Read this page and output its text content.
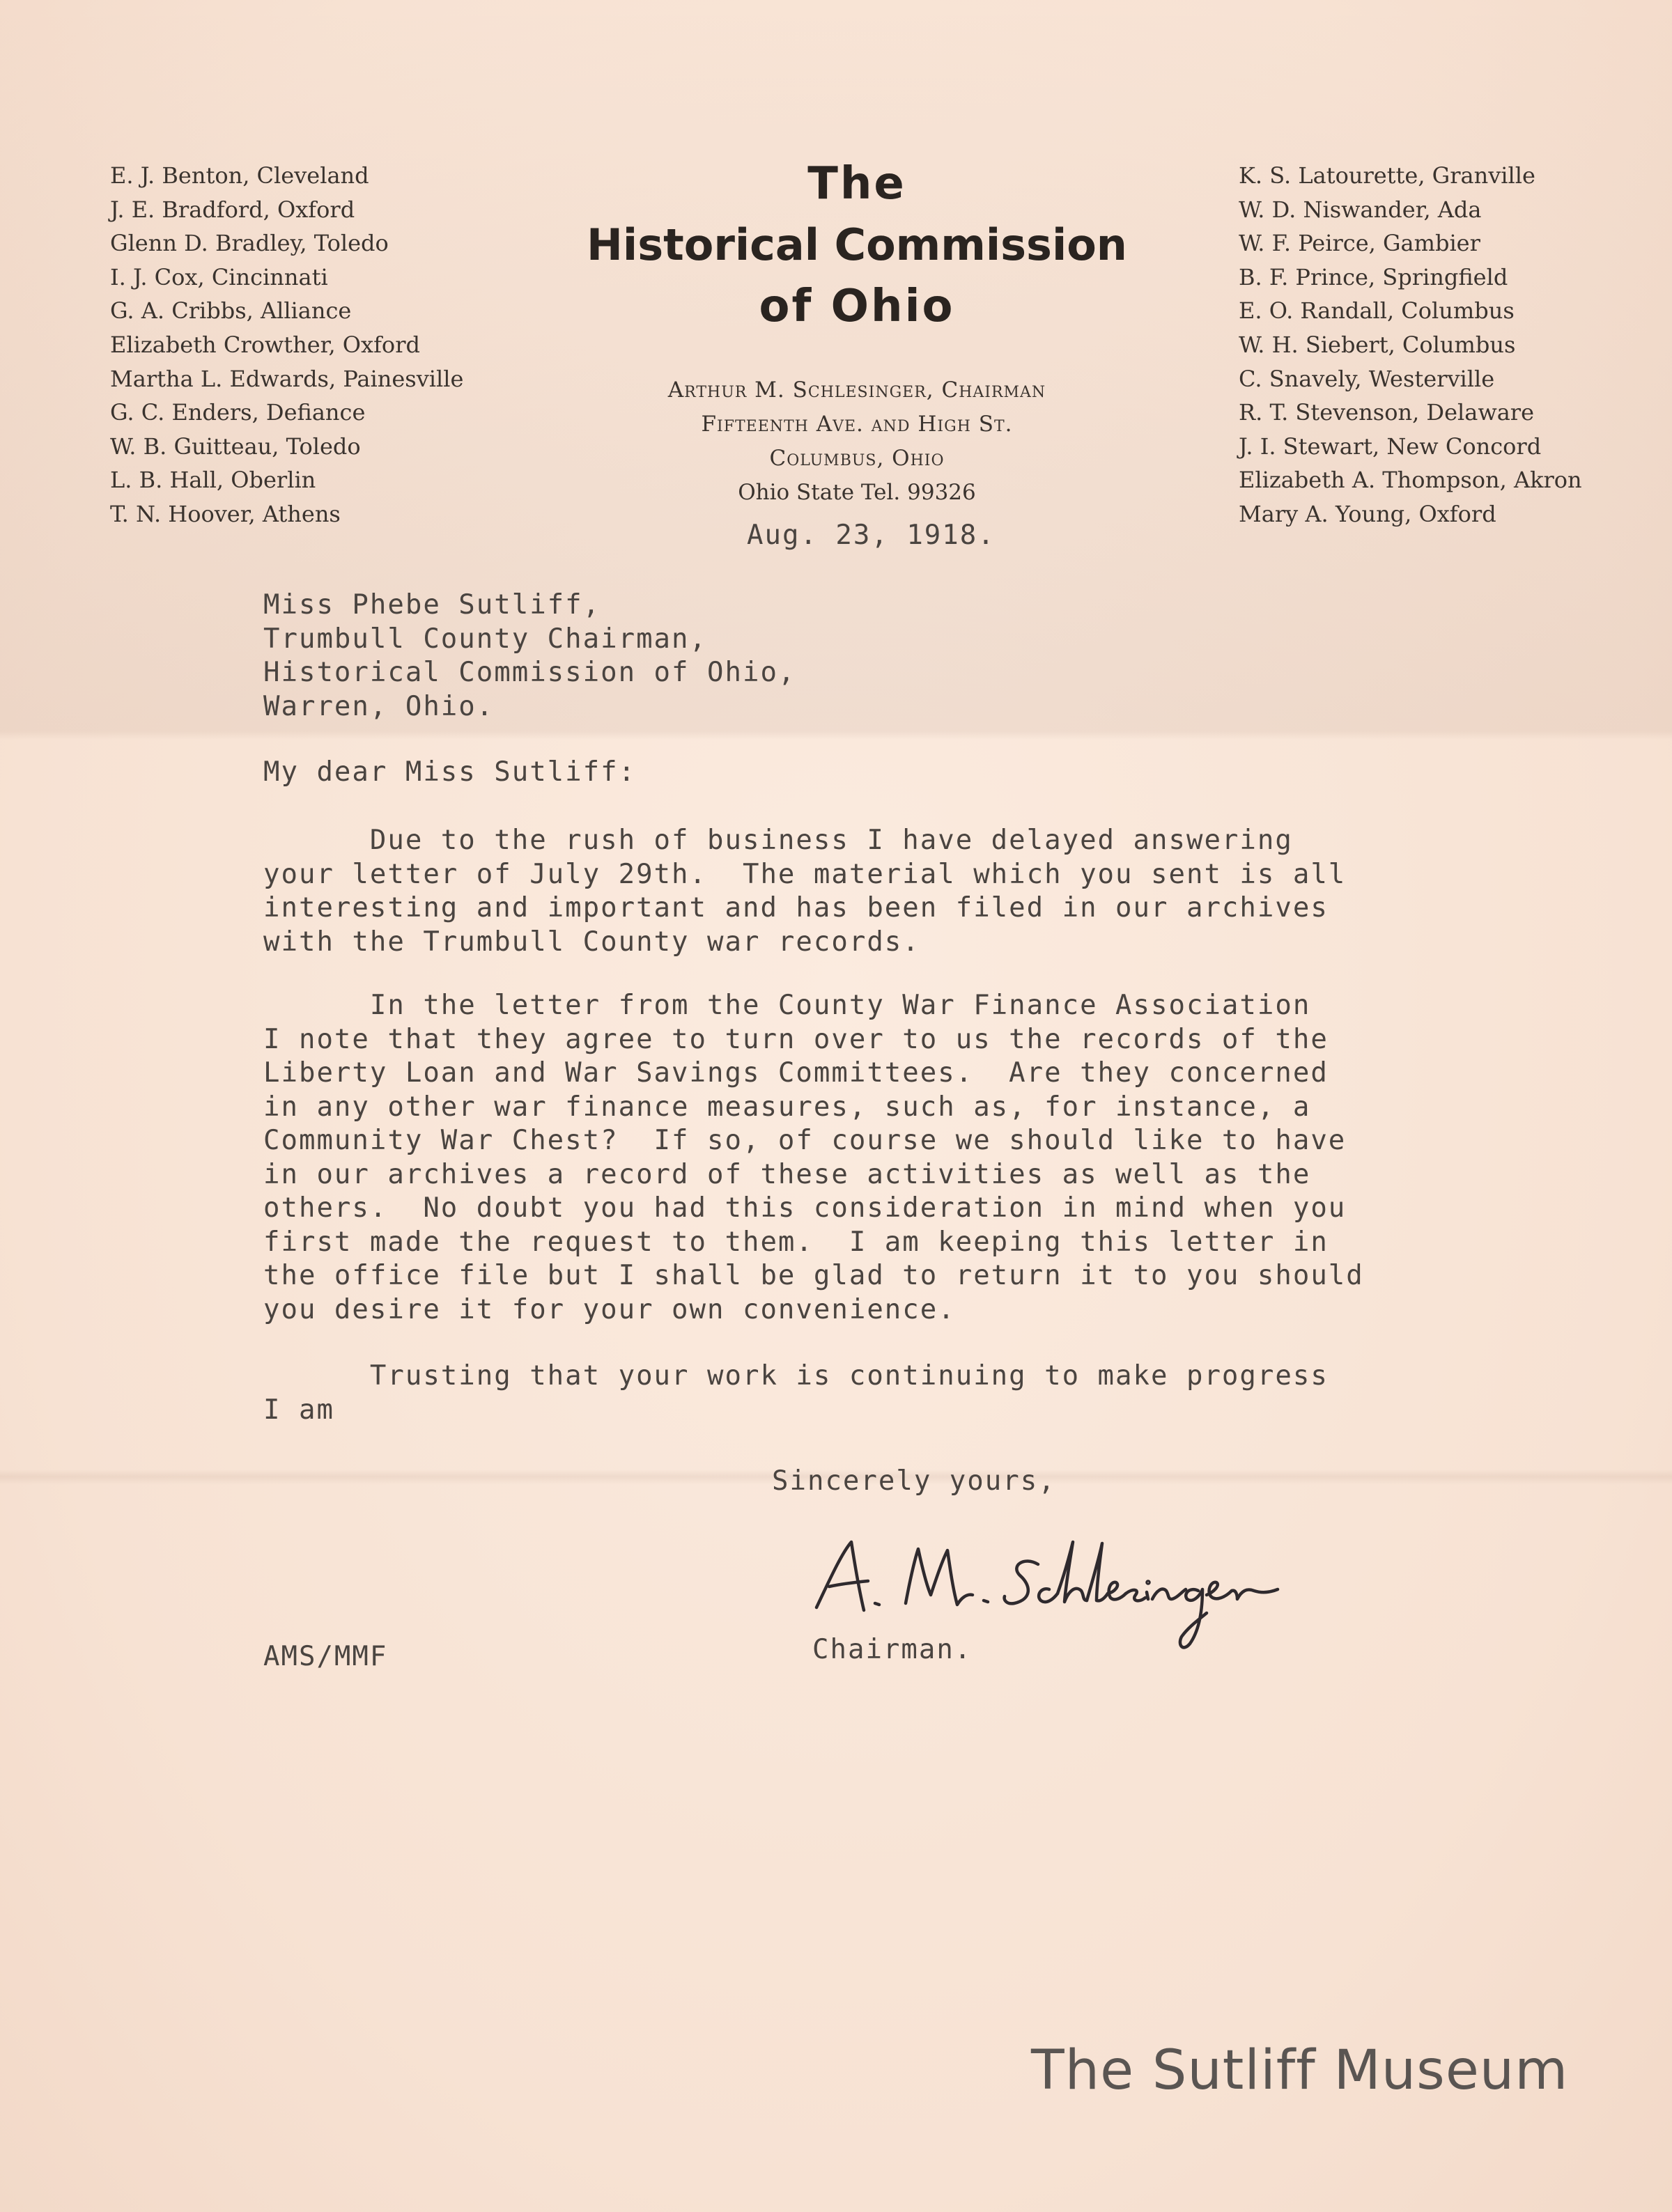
E. J. Benton, Cleveland
J. E. Bradford, Oxford
Glenn D. Bradley, Toledo
I. J. Cox, Cincinnati
G. A. Cribbs, Alliance
Elizabeth Crowther, Oxford
Martha L. Edwards, Painesville
G. C. Enders, Defiance
W. B. Guitteau, Toledo
L. B. Hall, Oberlin
T. N. Hoover, Athens
The
Historical Commission
of Ohio
Arthur M. Schlesinger, Chairman
Fifteenth Ave. and High St.
Columbus, Ohio
Ohio State Tel. 99326
K. S. Latourette, Granville
W. D. Niswander, Ada
W. F. Peirce, Gambier
B. F. Prince, Springfield
E. O. Randall, Columbus
W. H. Siebert, Columbus
C. Snavely, Westerville
R. T. Stevenson, Delaware
J. I. Stewart, New Concord
Elizabeth A. Thompson, Akron
Mary A. Young, Oxford
Aug. 23, 1918.
Miss Phebe Sutliff,
Trumbull County Chairman,
Historical Commission of Ohio,
Warren, Ohio.
My dear Miss Sutliff:
Due to the rush of business I have delayed answering
your letter of July 29th.  The material which you sent is all
interesting and important and has been filed in our archives
with the Trumbull County war records.
In the letter from the County War Finance Association
I note that they agree to turn over to us the records of the
Liberty Loan and War Savings Committees.  Are they concerned
in any other war finance measures, such as, for instance, a
Community War Chest?  If so, of course we should like to have
in our archives a record of these activities as well as the
others.  No doubt you had this consideration in mind when you
first made the request to them.  I am keeping this letter in
the office file but I shall be glad to return it to you should
you desire it for your own convenience.
Trusting that your work is continuing to make progress
I am
Sincerely yours,
Chairman.
AMS/MMF
The Sutliff Museum
